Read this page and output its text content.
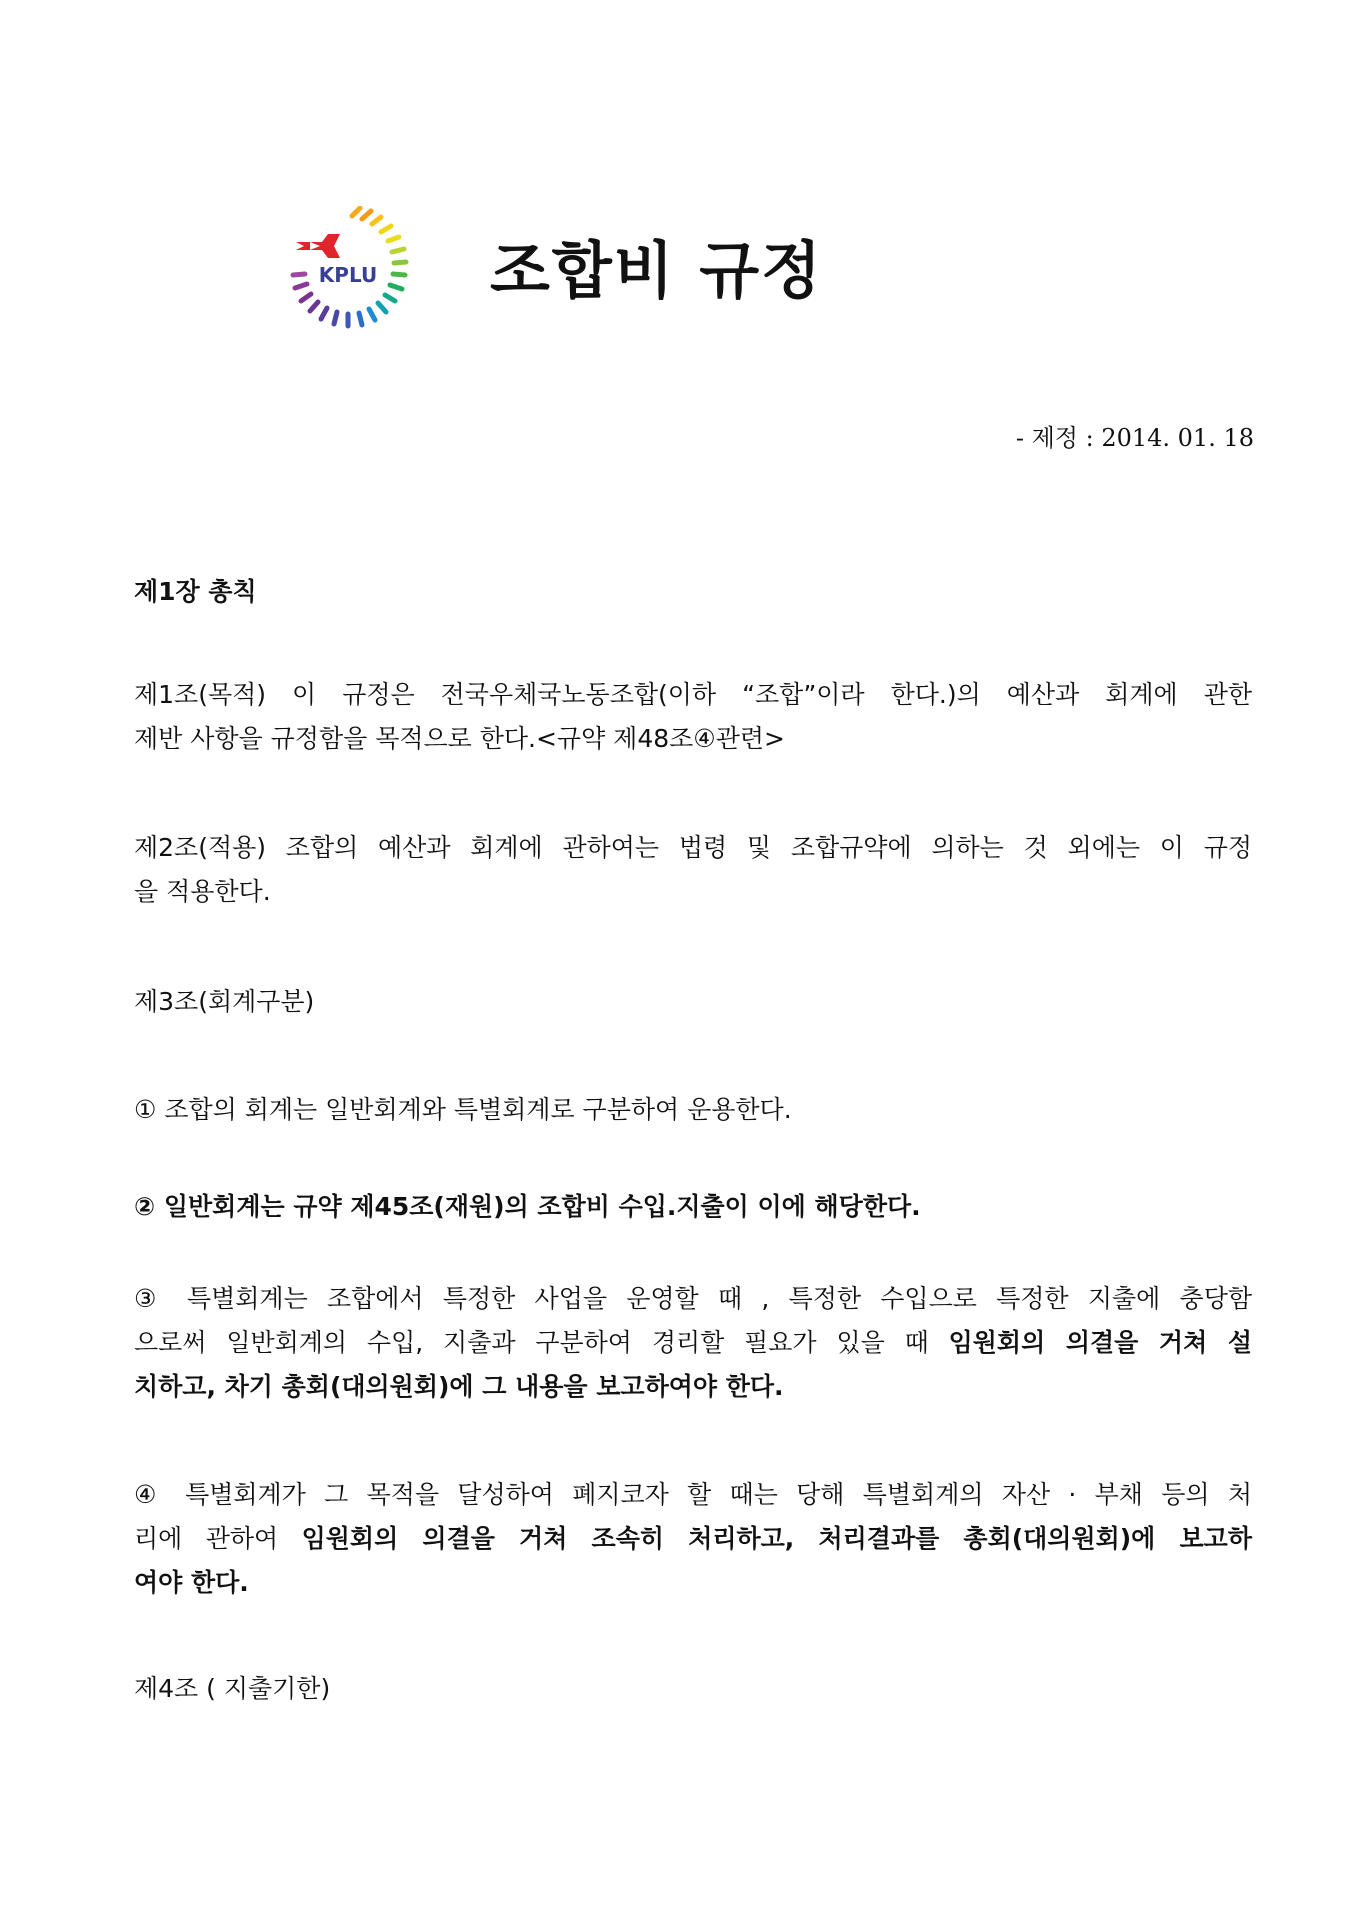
KPLU 조합비 규정
- 제정 : 2014. 01. 18

제1장 총칙

제1조(목적) 이 규정은 전국우체국노동조합(이하 “조합”이라 한다.)의 예산과 회계에 관한

제반 사항을 규정함을 목적으로 한다.<규약 제48조④관련>

제2조(적용) 조합의 예산과 회계에 관하여는 법령 및 조합규약에 의하는 것 외에는 이 규정

을 적용한다.

제3조(회계구분)

① 조합의 회계는 일반회계와 특별회계로 구분하여 운용한다.

② 일반회계는 규약 제45조(재원)의 조합비 수입.지출이 이에 해당한다.

③ 특별회계는 조합에서 특정한 사업을 운영할 때 , 특정한 수입으로 특정한 지출에 충당함

으로써 일반회계의 수입, 지출과 구분하여 경리할 필요가 있을 때 임원회의 의결을 거쳐 설

치하고, 차기 총회(대의원회)에 그 내용을 보고하여야 한다.

④ 특별회계가 그 목적을 달성하여 폐지코자 할 때는 당해 특별회계의 자산 · 부채 등의 처

리에 관하여 임원회의 의결을 거쳐 조속히 처리하고, 처리결과를 총회(대의원회)에 보고하

여야 한다.

제4조 ( 지출기한)
